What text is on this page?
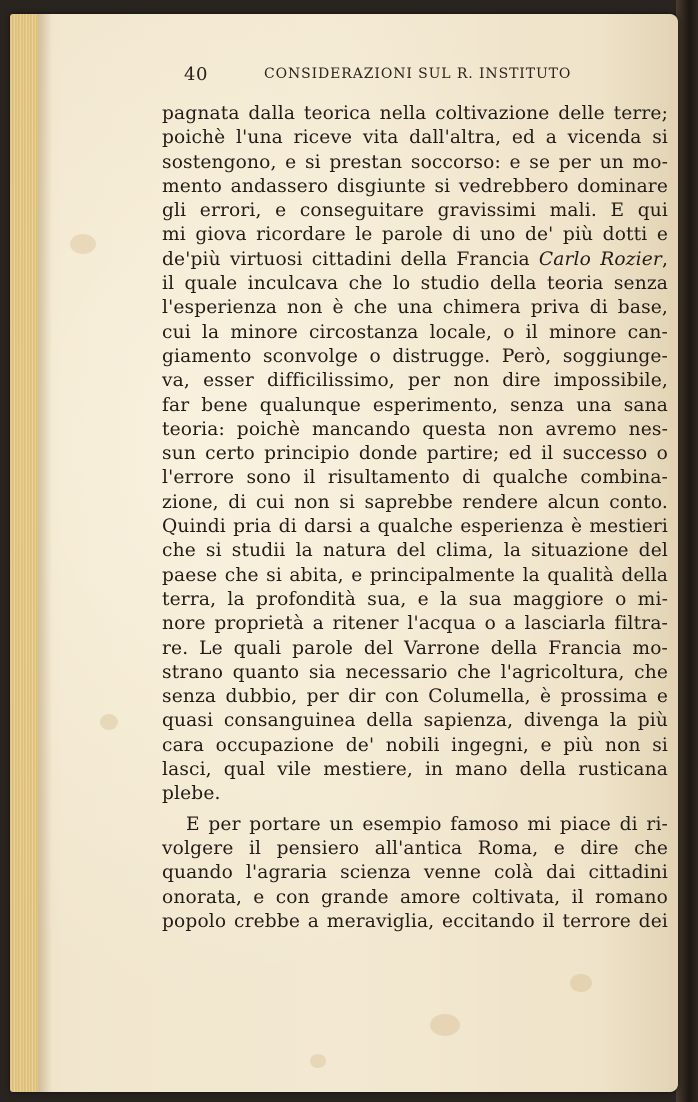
40	CONSIDERAZIONI SUL R. INSTITUTO
pagnata dalla teorica nella coltivazione delle terre;
poichè l'una riceve vita dall'altra, ed a vicenda si
sostengono, e si prestan soccorso: e se per un mo-
mento andassero disgiunte si vedrebbero dominare
gli errori, e conseguitare gravissimi mali. E qui
mi giova ricordare le parole di uno de' più dotti e
de'più virtuosi cittadini della Francia Carlo Rozier,
il quale inculcava che lo studio della teoria senza
l'esperienza non è che una chimera priva di base,
cui la minore circostanza locale, o il minore can-
giamento sconvolge o distrugge. Però, soggiunge-
va, esser difficilissimo, per non dire impossibile,
far bene qualunque esperimento, senza una sana
teoria: poichè mancando questa non avremo nes-
sun certo principio donde partire; ed il successo o
l'errore sono il risultamento di qualche combina-
zione, di cui non si saprebbe rendere alcun conto.
Quindi pria di darsi a qualche esperienza è mestieri
che si studii la natura del clima, la situazione del
paese che si abita, e principalmente la qualità della
terra, la profondità sua, e la sua maggiore o mi-
nore proprietà a ritener l'acqua o a lasciarla filtra-
re. Le quali parole del Varrone della Francia mo-
strano quanto sia necessario che l'agricoltura, che
senza dubbio, per dir con Columella, è prossima e
quasi consanguinea della sapienza, divenga la più
cara occupazione de' nobili ingegni, e più non si
lasci, qual vile mestiere, in mano della rusticana
plebe.
E per portare un esempio famoso mi piace di ri-
volgere il pensiero all'antica Roma, e dire che
quando l'agraria scienza venne colà dai cittadini
onorata, e con grande amore coltivata, il romano
popolo crebbe a meraviglia, eccitando il terrore dei
